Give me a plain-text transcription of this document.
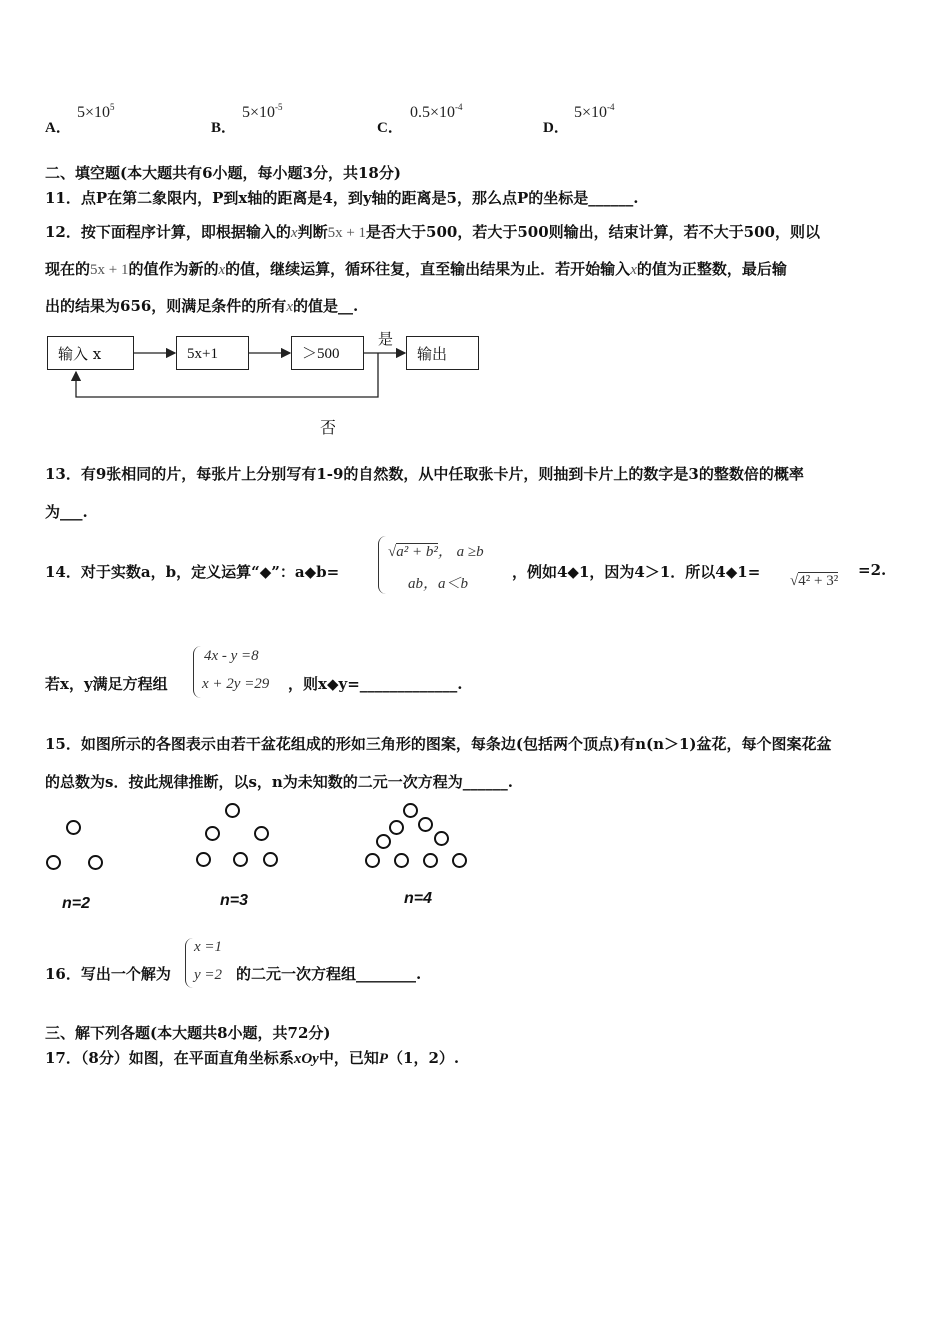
A．
$5\times 10^5$
B．
$5\times 10^{-5}$
C．
$0.5\times 10^{-4}$
D．
$5\times 10^{-4}$
二、填空题(本大题共有6小题，每小题3分，共18分)
11．点P在第二象限内，P到x轴的距离是4，到y轴的距离是5，那么点P的坐标是______.
12．按下面程序计算，即根据输入的x判断5x + 1是否大于500，若大于500则输出，结束计算，若不大于500，则以
现在的5x + 1的值作为新的x的值，继续运算，循环往复，直至输出结果为止．若开始输入x的值为正整数，最后输
出的结果为656，则满足条件的所有x的值是__.
输入 x	5x+1	＞500	输出
是
否
13．有9张相同的片，每张片上分别写有1-9的自然数，从中任取张卡片，则抽到卡片上的数字是3的整数倍的概率
为___.
14．对于实数a，b，定义运算“◆”：a◆b=
√a² + b²， a ≥b
ab，a＜b
，例如4◆1，因为4＞1．所以4◆1= √4² + 3²
=2.
若x，y满足方程组
4x - y =8
x + 2y =29 ，则x◆y=_____________.
15．如图所示的各图表示由若干盆花组成的形如三角形的图案，每条边(包括两个顶点)有n(n＞1)盆花，每个图案花盆
的总数为s．按此规律推断，以s，n为未知数的二元一次方程为______.
n=2	n=3	n=4
16．写出一个解为
x =1
y =2 的二元一次方程组________.
三、解下列各题(本大题共8小题，共72分)
17．（8分）如图，在平面直角坐标系xOy中，已知P（1，2）.
